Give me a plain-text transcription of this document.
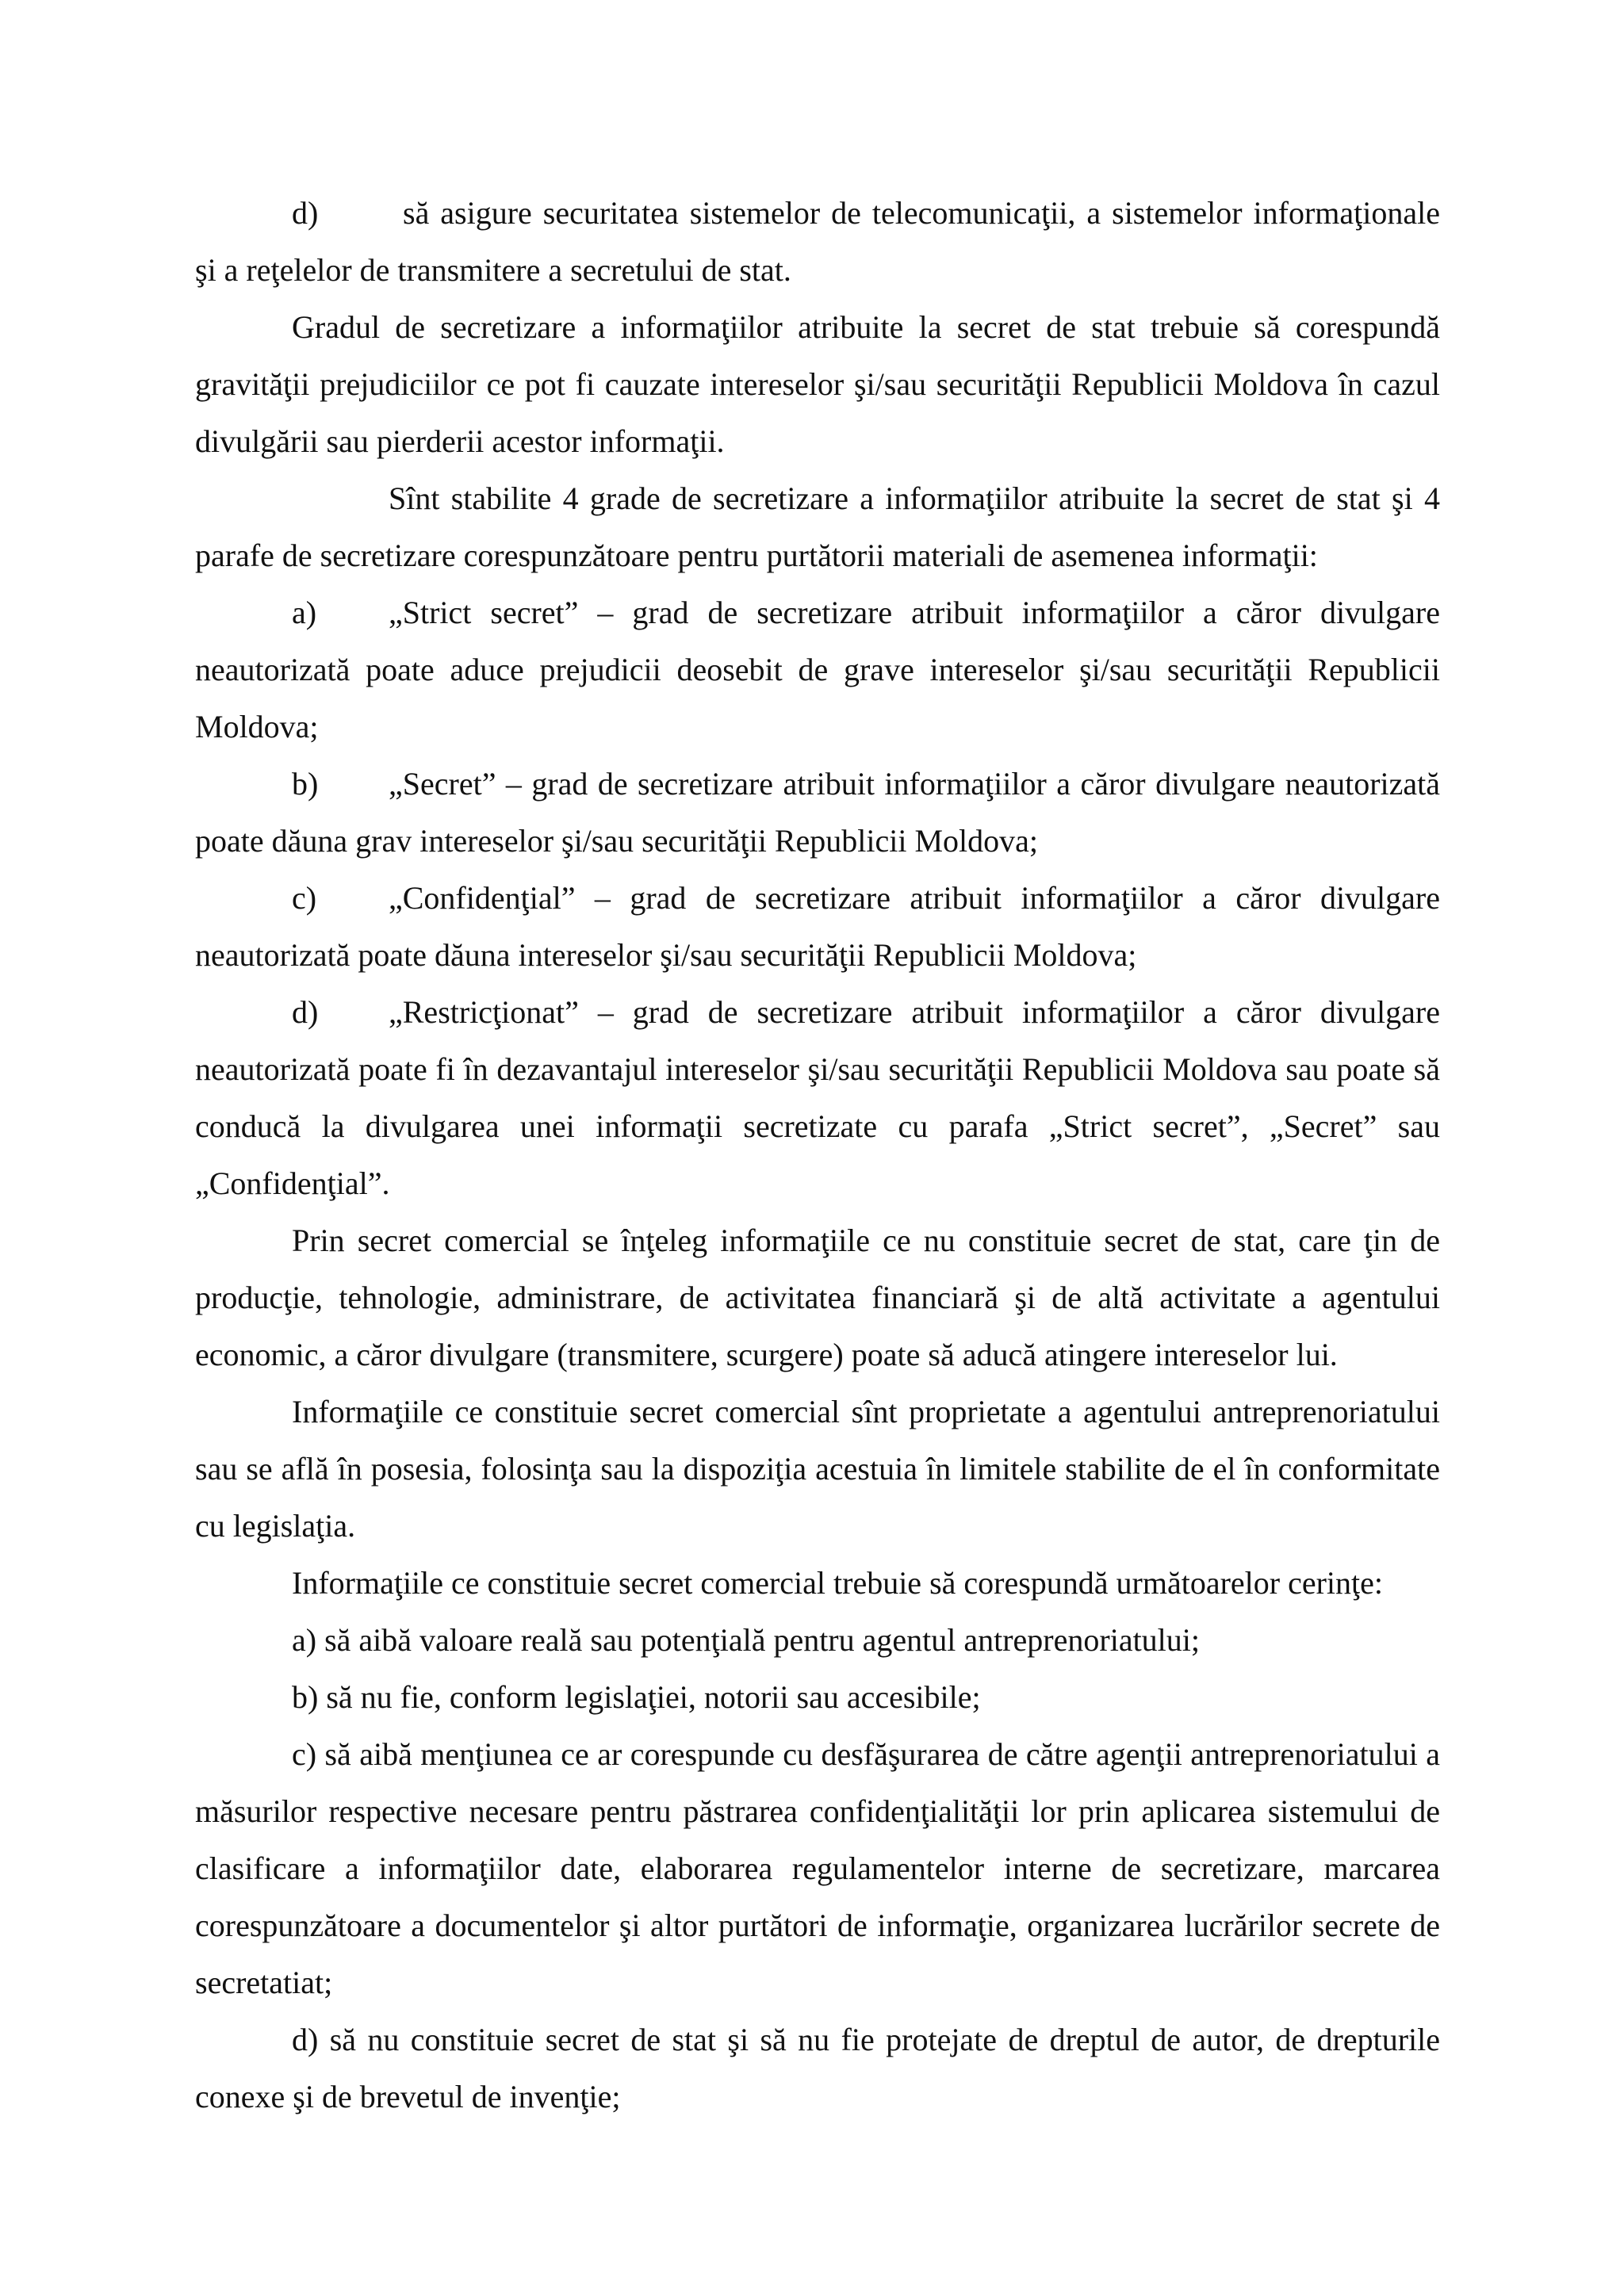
d)	să asigure securitatea sistemelor de telecomunicaţii, a sistemelor informaţionale şi a reţelelor de transmitere a secretului de stat.

Gradul de secretizare a informaţiilor atribuite la secret de stat trebuie să corespundă gravităţii prejudiciilor ce pot fi cauzate intereselor şi/sau securităţii Republicii Moldova în cazul divulgării sau pierderii acestor informaţii.

Sînt stabilite 4 grade de secretizare a informaţiilor atribuite la secret de stat şi 4 parafe de secretizare corespunzătoare pentru purtătorii materiali de asemenea informaţii:

a) „Strict secret” – grad de secretizare atribuit informaţiilor a căror divulgare neautorizată poate aduce prejudicii deosebit de grave intereselor şi/sau securităţii Republicii Moldova;

b) „Secret” – grad de secretizare atribuit informaţiilor a căror divulgare neautorizată poate dăuna grav intereselor şi/sau securităţii Republicii Moldova;

c) „Confidenţial” – grad de secretizare atribuit informaţiilor a căror divulgare neautorizată poate dăuna intereselor şi/sau securităţii Republicii Moldova;

d) „Restricţionat” – grad de secretizare atribuit informaţiilor a căror divulgare neautorizată poate fi în dezavantajul intereselor şi/sau securităţii Republicii Moldova sau poate să conducă la divulgarea unei informaţii secretizate cu parafa „Strict secret”, „Secret” sau „Confidenţial”.

Prin secret comercial se înţeleg informaţiile ce nu constituie secret de stat, care ţin de producţie, tehnologie, administrare, de activitatea financiară şi de altă activitate a agentului economic, a căror divulgare (transmitere, scurgere) poate să aducă atingere intereselor lui.

Informaţiile ce constituie secret comercial sînt proprietate a agentului antreprenoriatului sau se află în posesia, folosinţa sau la dispoziţia acestuia în limitele stabilite de el în conformitate cu legislaţia.

Informaţiile ce constituie secret comercial trebuie să corespundă următoarelor cerinţe:

a) să aibă valoare reală sau potenţială pentru agentul antreprenoriatului;

b) să nu fie, conform legislaţiei, notorii sau accesibile;

c) să aibă menţiunea ce ar corespunde cu desfăşurarea de către agenţii antreprenoriatului a măsurilor respective necesare pentru păstrarea confidenţialităţii lor prin aplicarea sistemului de clasificare a informaţiilor date, elaborarea regulamentelor interne de secretizare, marcarea corespunzătoare a documentelor şi altor purtători de informaţie, organizarea lucrărilor secrete de secretatiat;

d) să nu constituie secret de stat şi să nu fie protejate de dreptul de autor, de drepturile conexe şi de brevetul de invenţie;
